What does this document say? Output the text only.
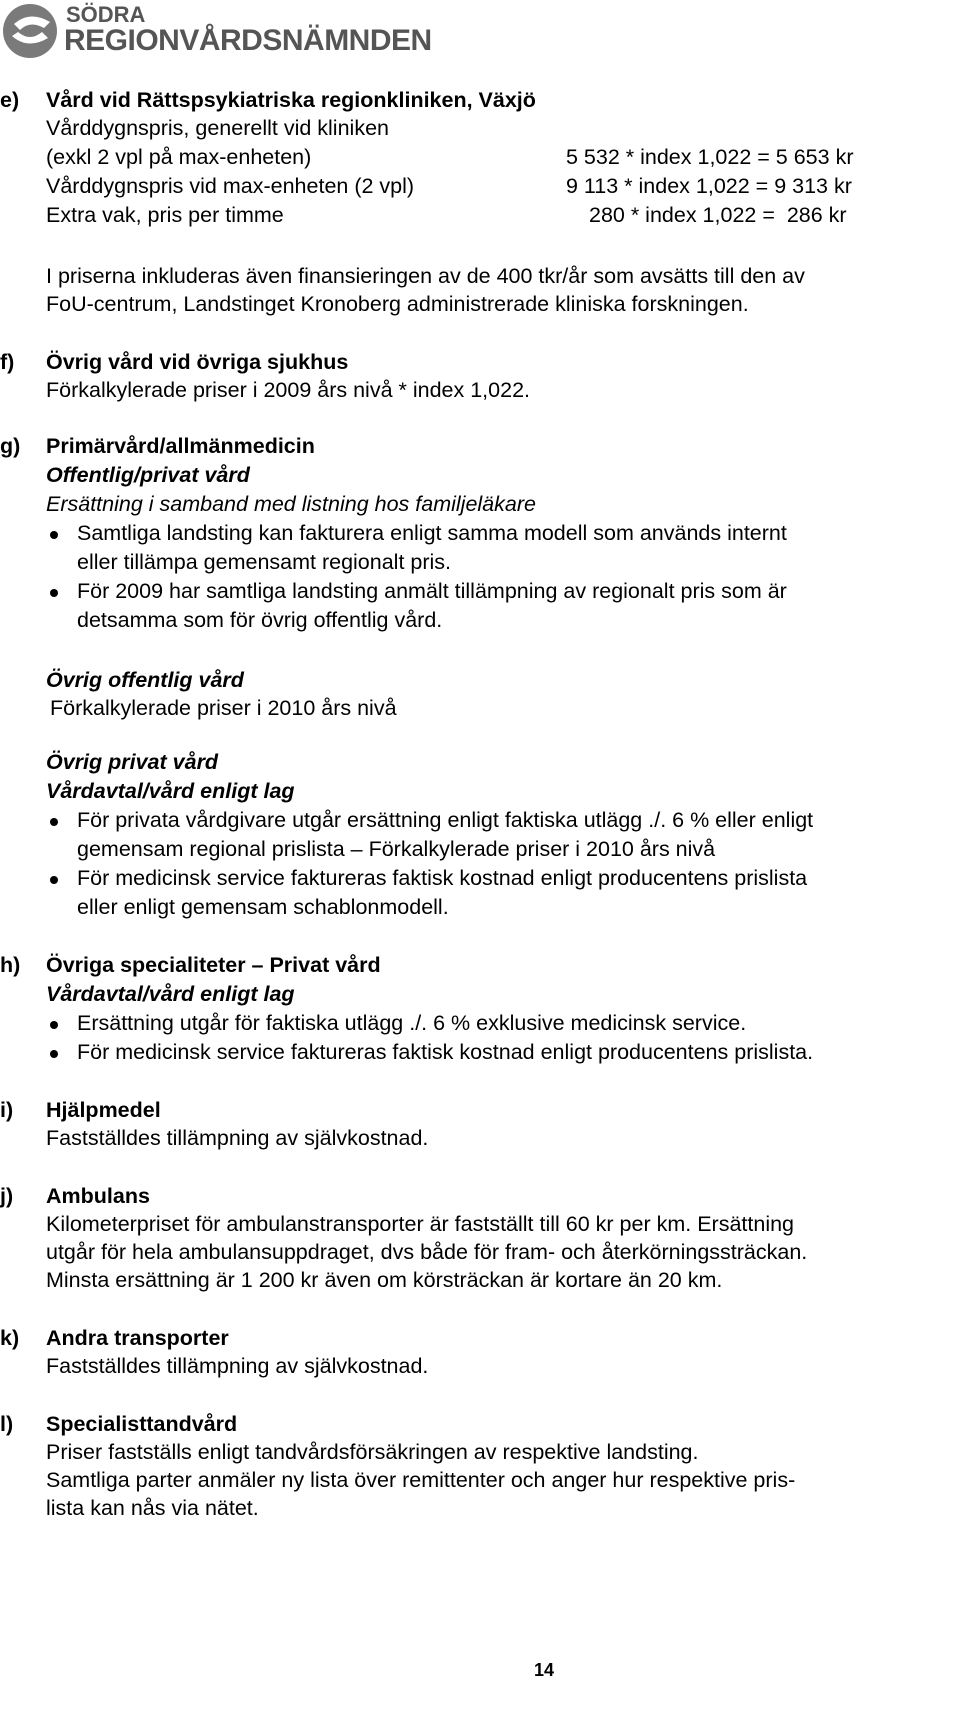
SÖDRA
REGIONVÅRDSNÄMNDEN
e) Vård vid Rättspsykiatriska regionkliniken, Växjö
Vårddygnspris, generellt vid kliniken
(exkl 2 vpl på max-enheten)	5 532 * index 1,022 = 5 653 kr
Vårddygnspris vid max-enheten (2 vpl)	9 113 * index 1,022 = 9 313 kr
Extra vak, pris per timme	280 * index 1,022 =  286 kr
I priserna inkluderas även finansieringen av de 400 tkr/år som avsätts till den av
FoU-centrum, Landstinget Kronoberg administrerade kliniska forskningen.
f) Övrig vård vid övriga sjukhus
Förkalkylerade priser i 2009 års nivå * index 1,022.
g) Primärvård/allmänmedicin
Offentlig/privat vård
Ersättning i samband med listning hos familjeläkare
Samtliga landsting kan fakturera enligt samma modell som används internt
eller tillämpa gemensamt regionalt pris.
För 2009 har samtliga landsting anmält tillämpning av regionalt pris som är
detsamma som för övrig offentlig vård.
Övrig offentlig vård
Förkalkylerade priser i 2010 års nivå
Övrig privat vård
Vårdavtal/vård enligt lag
För privata vårdgivare utgår ersättning enligt faktiska utlägg ./. 6 % eller enligt
gemensam regional prislista – Förkalkylerade priser i 2010 års nivå
För medicinsk service faktureras faktisk kostnad enligt producentens prislista
eller enligt gemensam schablonmodell.
h) Övriga specialiteter – Privat vård
Vårdavtal/vård enligt lag
Ersättning utgår för faktiska utlägg ./. 6 % exklusive medicinsk service.
För medicinsk service faktureras faktisk kostnad enligt producentens prislista.
i) Hjälpmedel
Fastställdes tillämpning av självkostnad.
j) Ambulans
Kilometerpriset för ambulanstransporter är fastställt till 60 kr per km. Ersättning
utgår för hela ambulansuppdraget, dvs både för fram- och återkörningssträckan.
Minsta ersättning är 1 200 kr även om körsträckan är kortare än 20 km.
k) Andra transporter
Fastställdes tillämpning av självkostnad.
l) Specialisttandvård
Priser fastställs enligt tandvårdsförsäkringen av respektive landsting.
Samtliga parter anmäler ny lista över remittenter och anger hur respektive pris-
lista kan nås via nätet.
14
